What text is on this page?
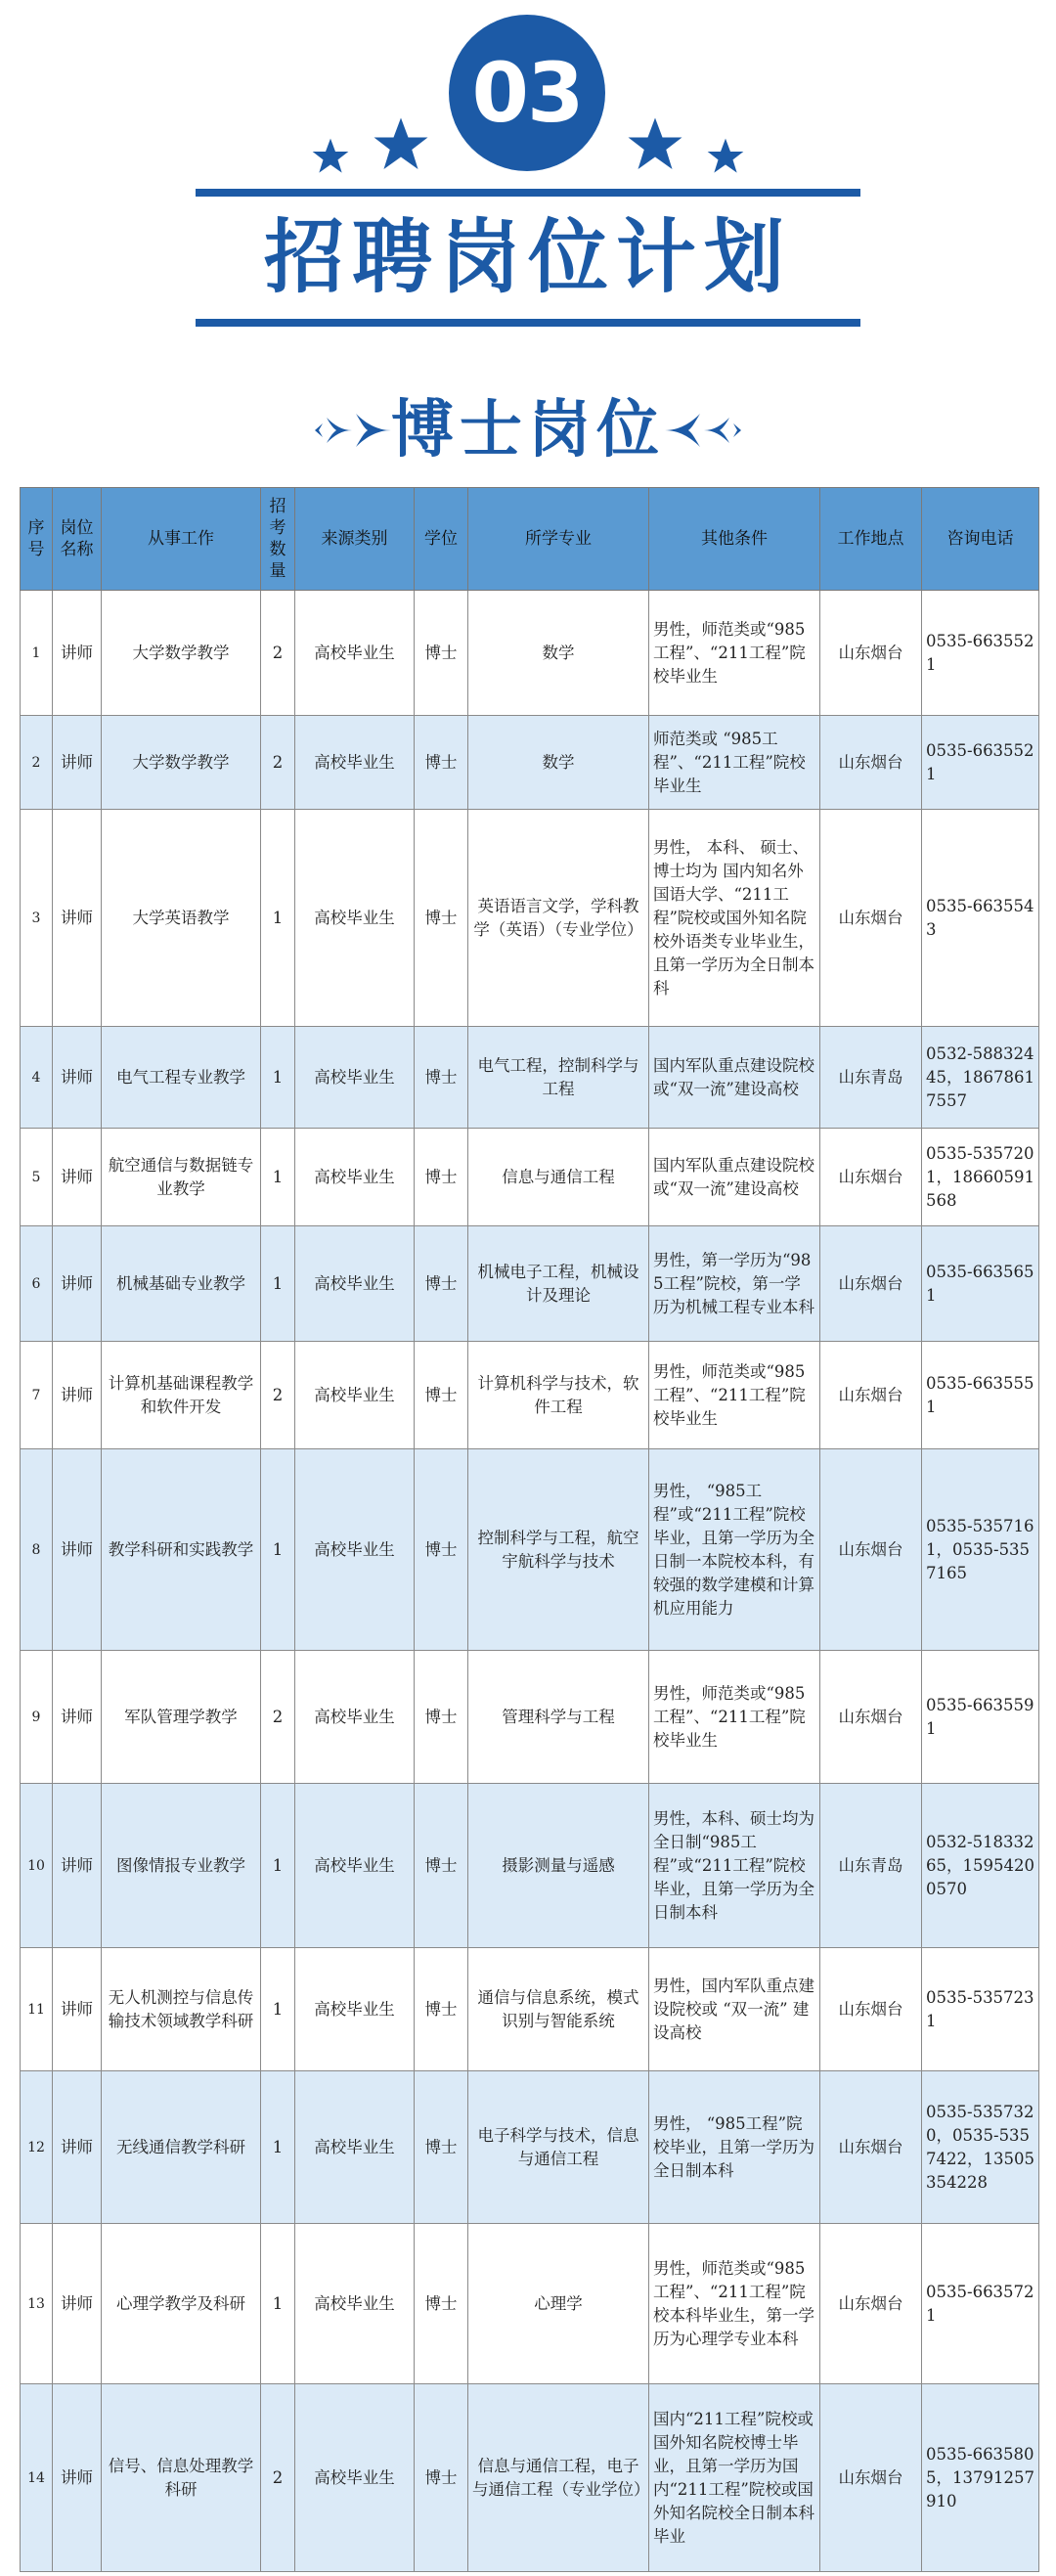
03
招聘岗位计划
博士岗位
序号	岗位名称	从事工作	招考数量	来源类别	学位	所学专业	其他条件	工作地点	咨询电话
1	讲师	大学数学教学	2	高校毕业生	博士	数学	男性，师范类或“985工程”、“211工程”院校毕业生	山东烟台	0535-6635521
2	讲师	大学数学教学	2	高校毕业生	博士	数学	师范类或 “985工程”、“211工程”院校毕业生	山东烟台	0535-6635521
3	讲师	大学英语教学	1	高校毕业生	博士	英语语言文学，学科教学（英语）（专业学位）	男性， 本科、 硕士、博士均为 国内知名外国语大学、“211工程”院校或国外知名院校外语类专业毕业生，且第一学历为全日制本科	山东烟台	0535-6635543
4	讲师	电气工程专业教学	1	高校毕业生	博士	电气工程，控制科学与工程	国内军队重点建设院校或“双一流”建设高校	山东青岛	0532-58832445，18678617557
5	讲师	航空通信与数据链专业教学	1	高校毕业生	博士	信息与通信工程	国内军队重点建设院校或“双一流”建设高校	山东烟台	0535-5357201，18660591568
6	讲师	机械基础专业教学	1	高校毕业生	博士	机械电子工程，机械设计及理论	男性，第一学历为“985工程”院校，第一学历为机械工程专业本科	山东烟台	0535-6635651
7	讲师	计算机基础课程教学和软件开发	2	高校毕业生	博士	计算机科学与技术，软件工程	男性，师范类或“985工程”、“211工程”院校毕业生	山东烟台	0535-6635551
8	讲师	教学科研和实践教学	1	高校毕业生	博士	控制科学与工程，航空宇航科学与技术	男性， “985工程”或“211工程”院校毕业，且第一学历为全日制一本院校本科，有较强的数学建模和计算机应用能力	山东烟台	0535-5357161，0535-5357165
9	讲师	军队管理学教学	2	高校毕业生	博士	管理科学与工程	男性，师范类或“985工程”、“211工程”院校毕业生	山东烟台	0535-6635591
10	讲师	图像情报专业教学	1	高校毕业生	博士	摄影测量与遥感	男性，本科、硕士均为全日制“985工程”或“211工程”院校毕业，且第一学历为全日制本科	山东青岛	0532-51833265，15954200570
11	讲师	无人机测控与信息传输技术领域教学科研	1	高校毕业生	博士	通信与信息系统，模式识别与智能系统	男性，国内军队重点建设院校或 “双一流” 建设高校	山东烟台	0535-5357231
12	讲师	无线通信教学科研	1	高校毕业生	博士	电子科学与技术，信息与通信工程	男性， “985工程”院校毕业，且第一学历为全日制本科	山东烟台	0535-5357320，0535-5357422，13505354228
13	讲师	心理学教学及科研	1	高校毕业生	博士	心理学	男性，师范类或“985工程”、“211工程”院校本科毕业生，第一学历为心理学专业本科	山东烟台	0535-6635721
14	讲师	信号、信息处理教学科研	2	高校毕业生	博士	信息与通信工程，电子与通信工程（专业学位）	国内“211工程”院校或国外知名院校博士毕业，且第一学历为国内“211工程”院校或国外知名院校全日制本科毕业	山东烟台	0535-6635805，13791257910
